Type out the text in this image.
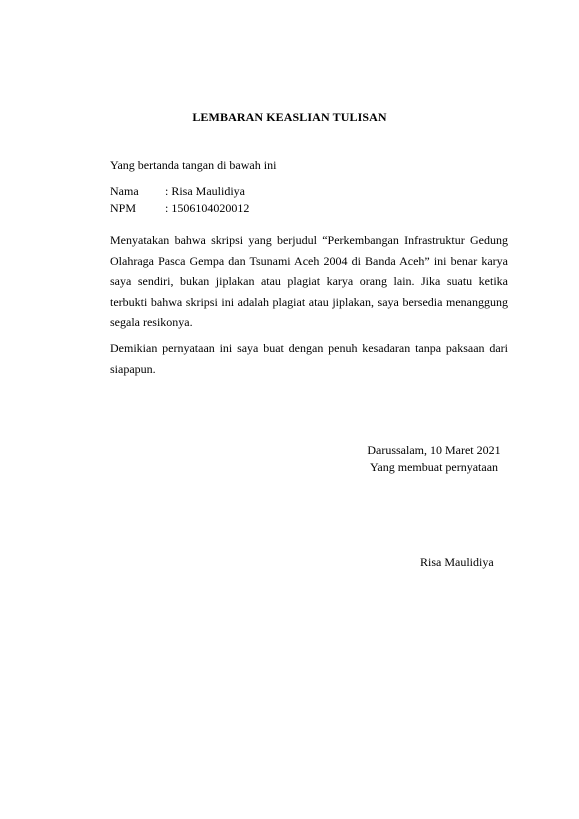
LEMBARAN KEASLIAN TULISAN
Yang bertanda tangan di bawah ini
Nama : Risa Maulidiya
NPM : 1506104020012
Menyatakan bahwa skripsi yang berjudul “Perkembangan Infrastruktur Gedung Olahraga Pasca Gempa dan Tsunami Aceh 2004 di Banda Aceh” ini benar karya saya sendiri, bukan jiplakan atau plagiat karya orang lain. Jika suatu ketika terbukti bahwa skripsi ini adalah plagiat atau jiplakan, saya bersedia menanggung segala resikonya.
Demikian pernyataan ini saya buat dengan penuh kesadaran tanpa paksaan dari siapapun.
Darussalam, 10 Maret 2021
Yang membuat pernyataan
Risa Maulidiya
